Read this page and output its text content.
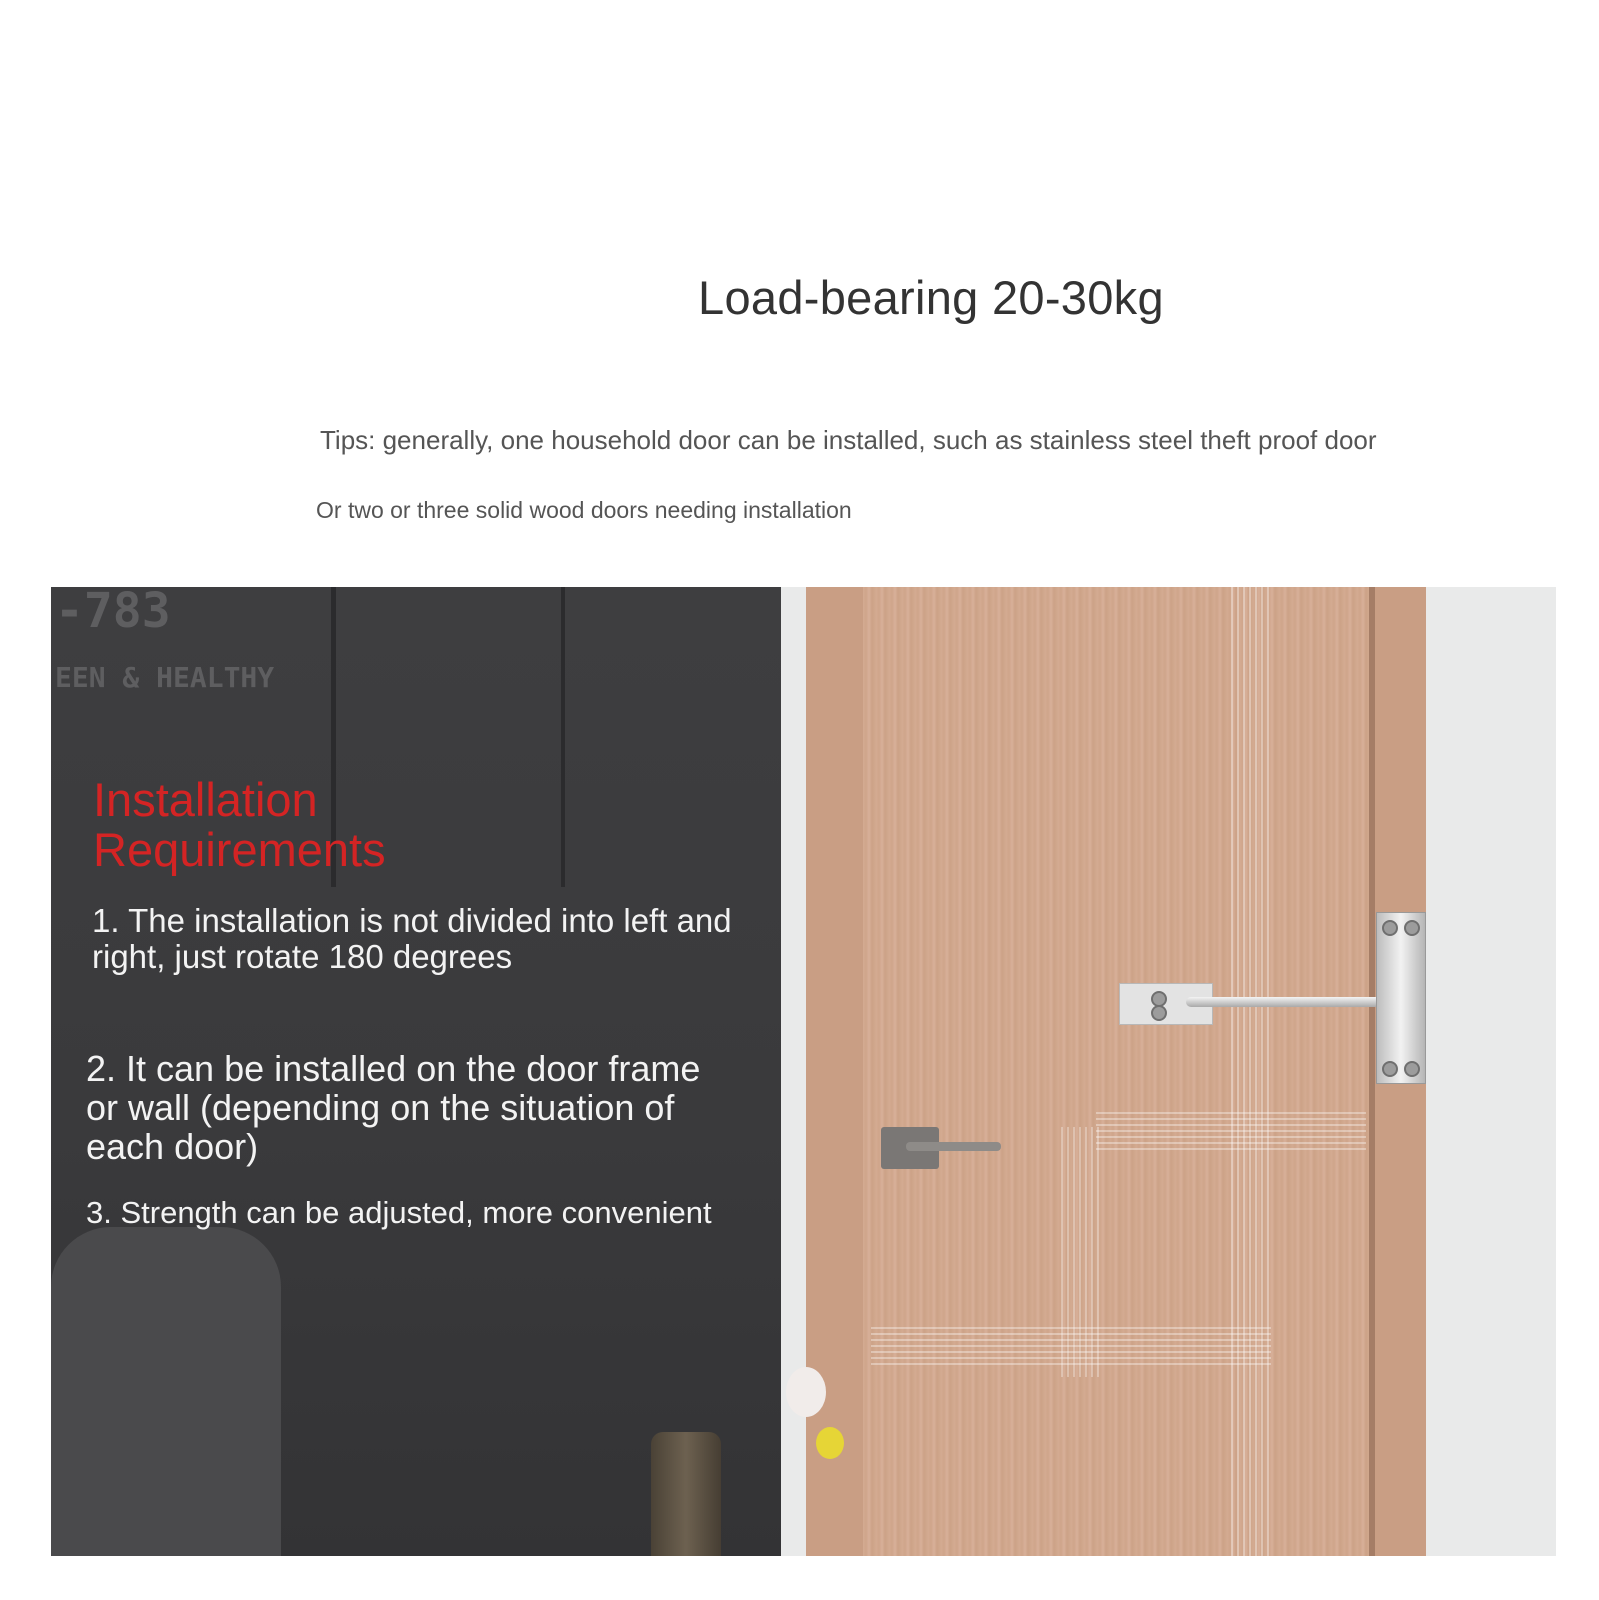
Load-bearing 20-30kg
Tips: generally, one household door can be installed, such as stainless steel theft proof door
Or two or three solid wood doors needing installation
-783
EEN & HEALTHY
Installation Requirements
1. The installation is not divided into left and right, just rotate 180 degrees
2. It can be installed on the door frame or wall (depending on the situation of each door)
3. Strength can be adjusted, more convenient
